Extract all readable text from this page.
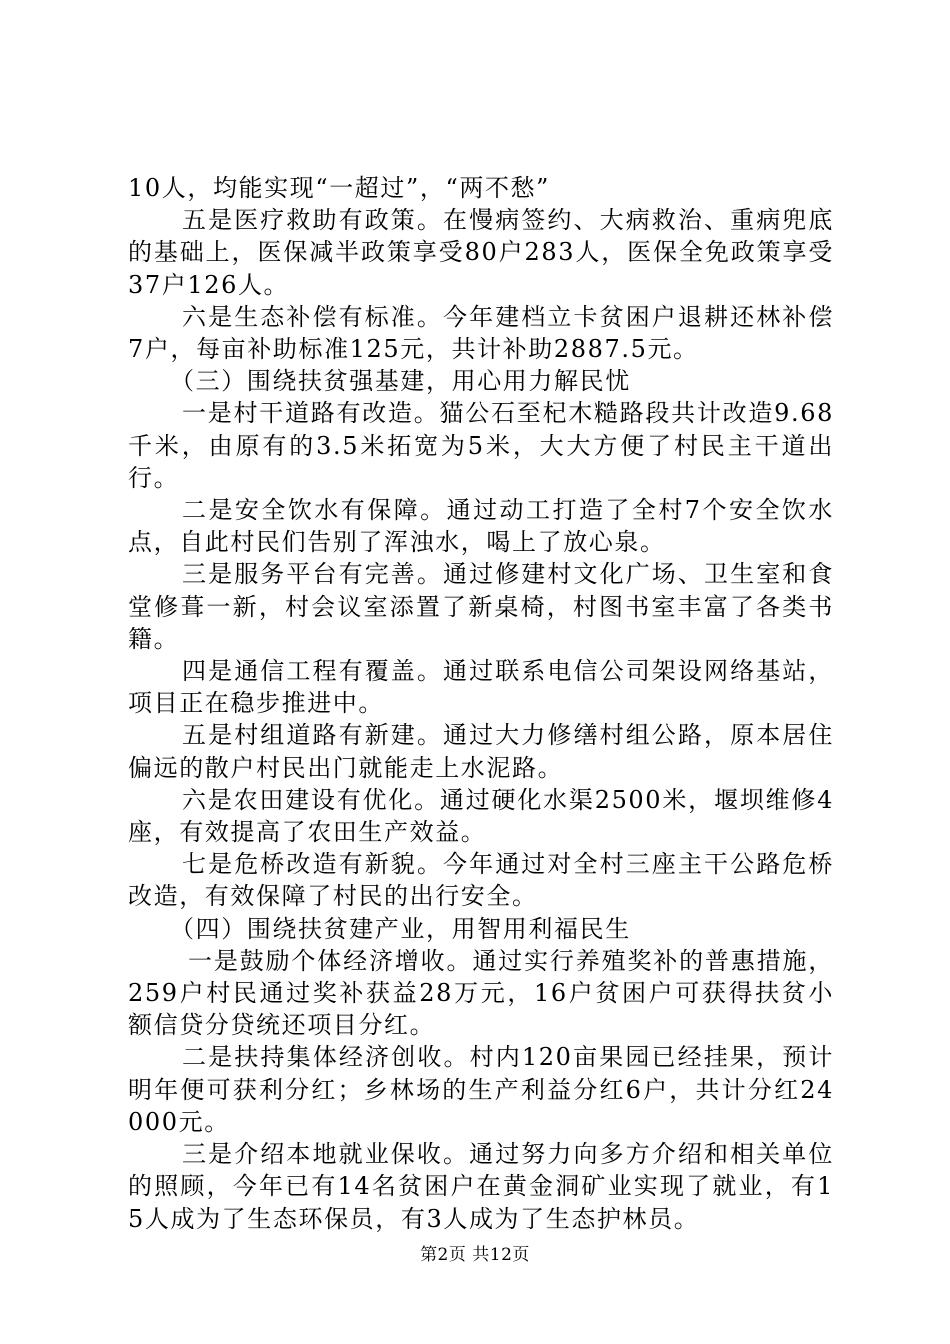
10人，均能实现“一超过”，“两不愁”

五是医疗救助有政策。在慢病签约、大病救治、重病兜底的基础上，医保减半政策享受80户283人，医保全免政策享受37户126人。

六是生态补偿有标准。今年建档立卡贫困户退耕还林补偿7户，每亩补助标准125元，共计补助2887.5元。

（三）围绕扶贫强基建，用心用力解民忧

一是村干道路有改造。猫公石至杞木糙路段共计改造9.68千米，由原有的3.5米拓宽为5米，大大方便了村民主干道出行。

二是安全饮水有保障。通过动工打造了全村7个安全饮水点，自此村民们告别了浑浊水，喝上了放心泉。

三是服务平台有完善。通过修建村文化广场、卫生室和食堂修葺一新，村会议室添置了新桌椅，村图书室丰富了各类书籍。

四是通信工程有覆盖。通过联系电信公司架设网络基站，项目正在稳步推进中。

五是村组道路有新建。通过大力修缮村组公路，原本居住偏远的散户村民出门就能走上水泥路。

六是农田建设有优化。通过硬化水渠2500米，堰坝维修4座，有效提高了农田生产效益。

七是危桥改造有新貌。今年通过对全村三座主干公路危桥改造，有效保障了村民的出行安全。

（四）围绕扶贫建产业，用智用利福民生

一是鼓励个体经济增收。通过实行养殖奖补的普惠措施，259户村民通过奖补获益28万元，16户贫困户可获得扶贫小额信贷分贷统还项目分红。

二是扶持集体经济创收。村内120亩果园已经挂果，预计明年便可获利分红；乡林场的生产利益分红6户，共计分红24000元。

三是介绍本地就业保收。通过努力向多方介绍和相关单位的照顾，今年已有14名贫困户在黄金洞矿业实现了就业，有15人成为了生态环保员，有3人成为了生态护林员。

第2页 共12页
